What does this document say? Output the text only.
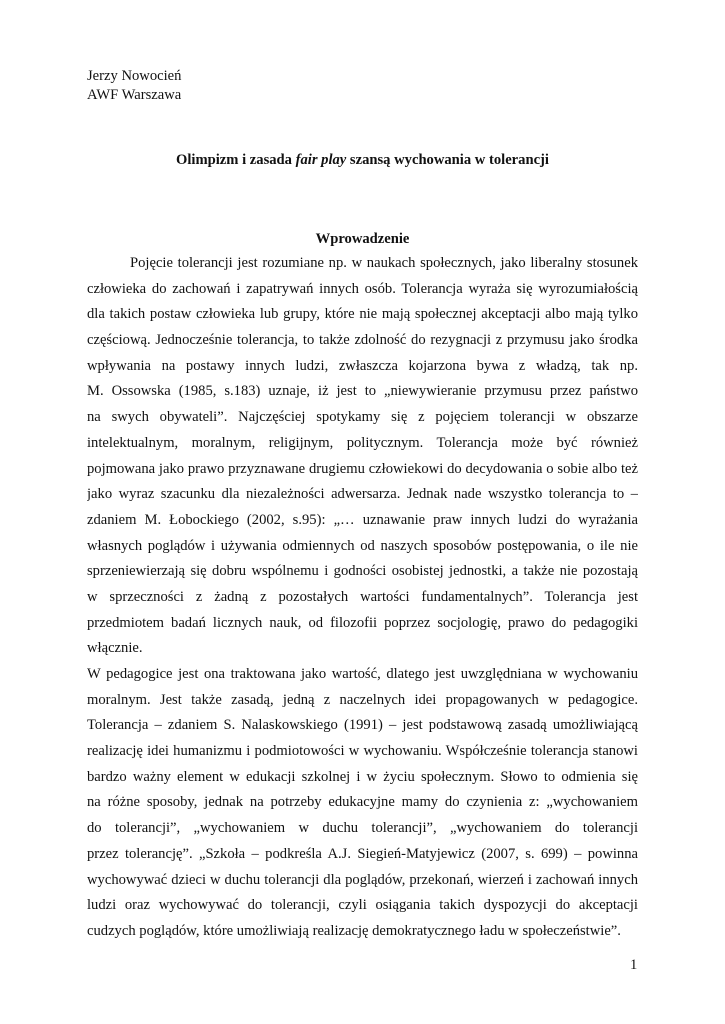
Jerzy Nowocień
AWF Warszawa
Olimpizm i zasada fair play szansą wychowania w tolerancji
Wprowadzenie
Pojęcie tolerancji jest rozumiane np. w naukach społecznych, jako liberalny stosunek
człowieka do zachowań i zapatrywań innych osób. Tolerancja wyraża się wyrozumiałością
dla takich postaw człowieka lub grupy, które nie mają społecznej akceptacji albo mają tylko
częściową. Jednocześnie tolerancja, to także zdolność do rezygnacji z przymusu jako środka
wpływania na postawy innych ludzi, zwłaszcza kojarzona bywa z władzą, tak np.
M. Ossowska (1985, s.183) uznaje, iż jest to „niewywieranie przymusu przez państwo
na swych obywateli”. Najczęściej spotykamy się z pojęciem tolerancji w obszarze
intelektualnym, moralnym, religijnym, politycznym. Tolerancja może być również
pojmowana jako prawo przyznawane drugiemu człowiekowi do decydowania o sobie albo też
jako wyraz szacunku dla niezależności adwersarza. Jednak nade wszystko tolerancja to –
zdaniem M. Łobockiego (2002, s.95): „… uznawanie praw innych ludzi do wyrażania
własnych poglądów i używania odmiennych od naszych sposobów postępowania, o ile nie
sprzeniewierzają się dobru wspólnemu i godności osobistej jednostki, a także nie pozostają
w sprzeczności z żadną z pozostałych wartości fundamentalnych”. Tolerancja jest
przedmiotem badań licznych nauk, od filozofii poprzez socjologię, prawo do pedagogiki
włącznie.
W pedagogice jest ona traktowana jako wartość, dlatego jest uwzględniana w wychowaniu
moralnym. Jest także zasadą, jedną z naczelnych idei propagowanych w pedagogice.
Tolerancja – zdaniem S. Nalaskowskiego (1991) – jest podstawową zasadą umożliwiającą
realizację idei humanizmu i podmiotowości w wychowaniu. Współcześnie tolerancja stanowi
bardzo ważny element w edukacji szkolnej i w życiu społecznym. Słowo to odmienia się
na różne sposoby, jednak na potrzeby edukacyjne mamy do czynienia z: „wychowaniem
do tolerancji”, „wychowaniem w duchu tolerancji”, „wychowaniem do tolerancji
przez tolerancję”. „Szkoła – podkreśla A.J. Siegień-Matyjewicz (2007, s. 699) – powinna
wychowywać dzieci w duchu tolerancji dla poglądów, przekonań, wierzeń i zachowań innych
ludzi oraz wychowywać do tolerancji, czyli osiągania takich dyspozycji do akceptacji
cudzych poglądów, które umożliwiają realizację demokratycznego ładu w społeczeństwie”.
1
